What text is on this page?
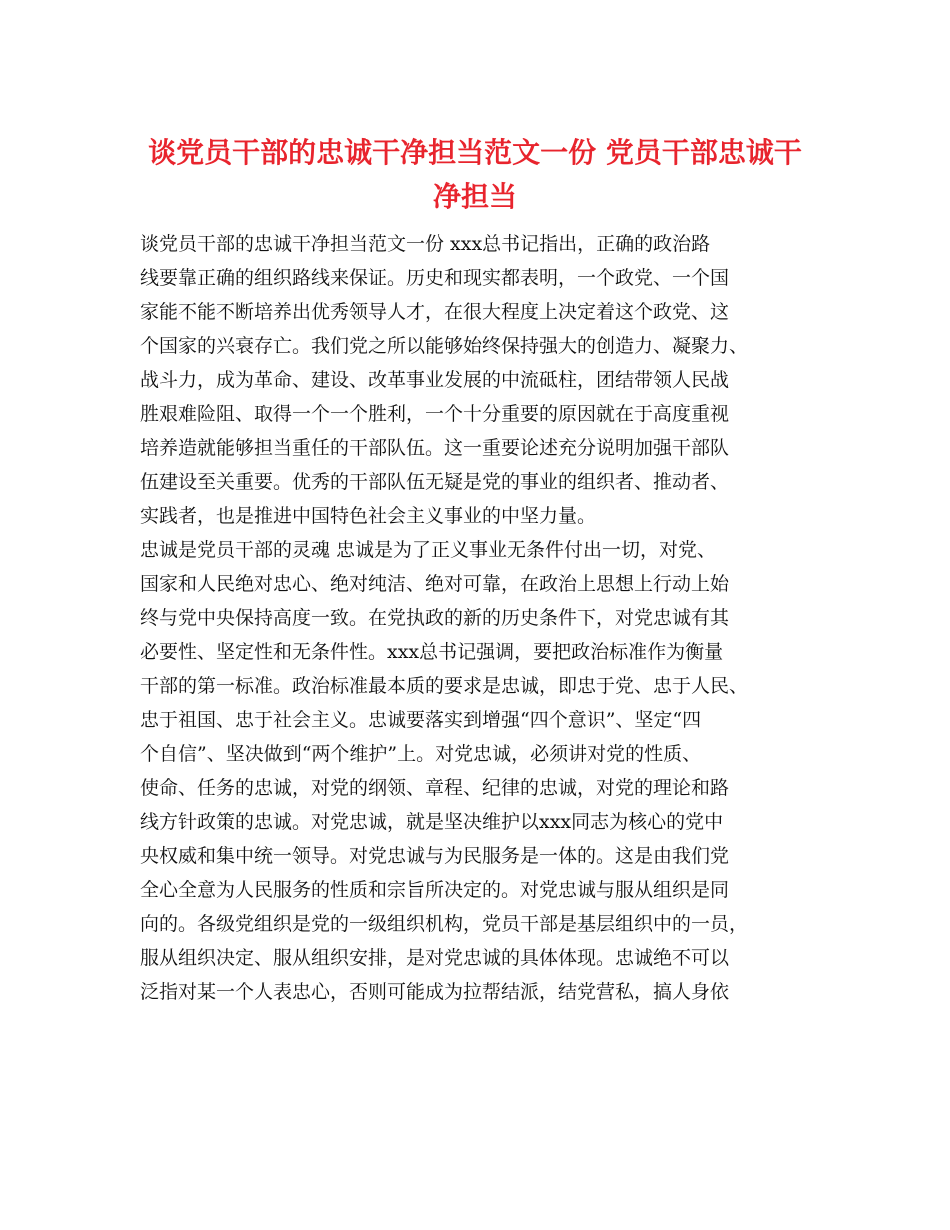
谈党员干部的忠诚干净担当范文一份 党员干部忠诚干
净担当
谈党员干部的忠诚干净担当范文一份 xxx总书记指出，正确的政治路
线要靠正确的组织路线来保证。历史和现实都表明，一个政党、一个国
家能不能不断培养出优秀领导人才，在很大程度上决定着这个政党、这
个国家的兴衰存亡。我们党之所以能够始终保持强大的创造力、凝聚力、
战斗力，成为革命、建设、改革事业发展的中流砥柱，团结带领人民战
胜艰难险阻、取得一个一个胜利，一个十分重要的原因就在于高度重视
培养造就能够担当重任的干部队伍。这一重要论述充分说明加强干部队
伍建设至关重要。优秀的干部队伍无疑是党的事业的组织者、推动者、
实践者，也是推进中国特色社会主义事业的中坚力量。
忠诚是党员干部的灵魂 忠诚是为了正义事业无条件付出一切，对党、
国家和人民绝对忠心、绝对纯洁、绝对可靠，在政治上思想上行动上始
终与党中央保持高度一致。在党执政的新的历史条件下，对党忠诚有其
必要性、坚定性和无条件性。xxx总书记强调，要把政治标准作为衡量
干部的第一标准。政治标准最本质的要求是忠诚，即忠于党、忠于人民、
忠于祖国、忠于社会主义。忠诚要落实到增强“四个意识”、坚定“四
个自信”、坚决做到“两个维护”上。对党忠诚，必须讲对党的性质、
使命、任务的忠诚，对党的纲领、章程、纪律的忠诚，对党的理论和路
线方针政策的忠诚。对党忠诚，就是坚决维护以xxx同志为核心的党中
央权威和集中统一领导。对党忠诚与为民服务是一体的。这是由我们党
全心全意为人民服务的性质和宗旨所决定的。对党忠诚与服从组织是同
向的。各级党组织是党的一级组织机构，党员干部是基层组织中的一员，
服从组织决定、服从组织安排，是对党忠诚的具体体现。忠诚绝不可以
泛指对某一个人表忠心，否则可能成为拉帮结派，结党营私，搞人身依
